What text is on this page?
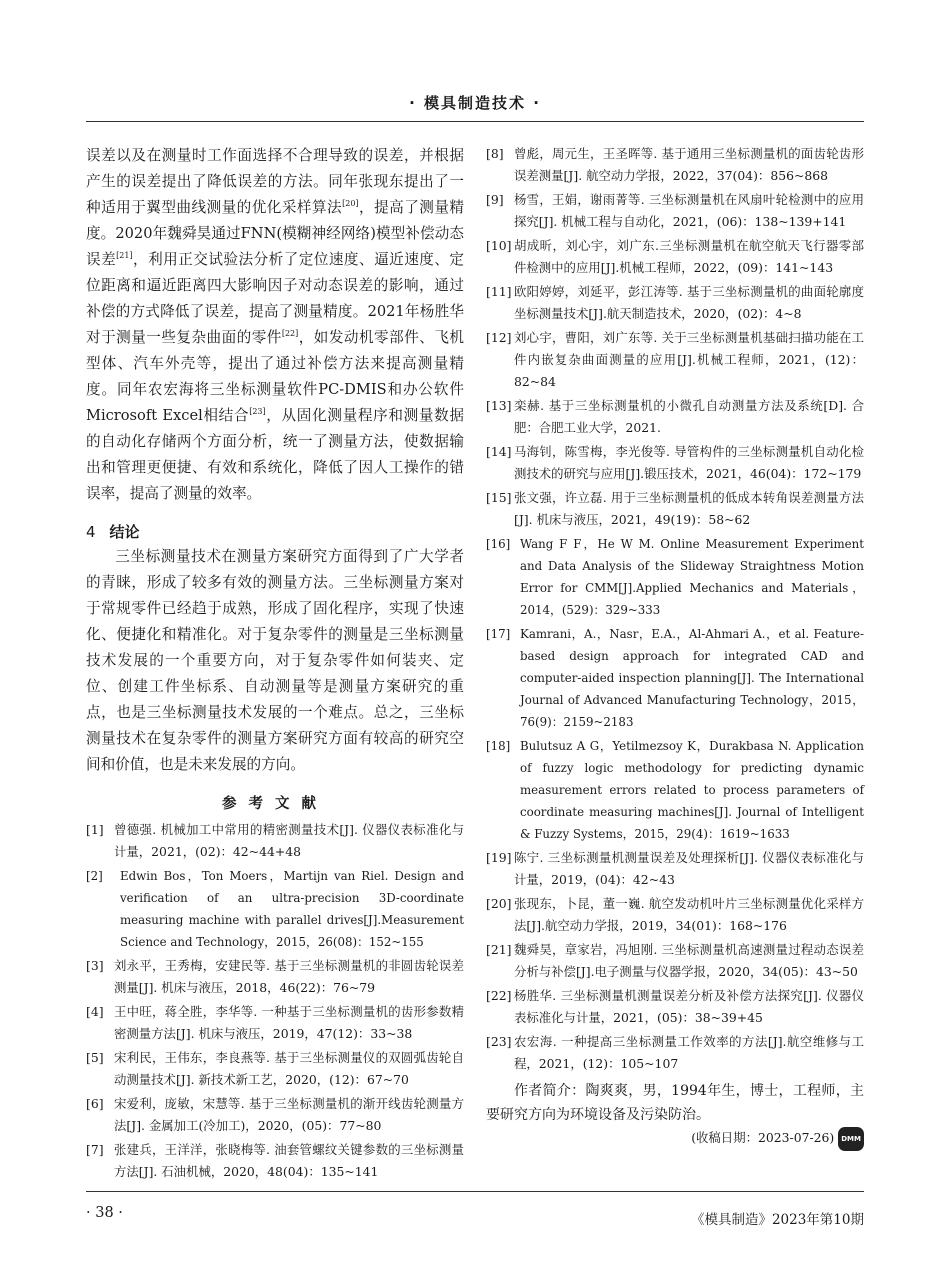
· 模具制造技术 ·

误差以及在测量时工作面选择不合理导致的误差，并根据产生的误差提出了降低误差的方法。同年张现东提出了一种适用于翼型曲线测量的优化采样算法[20]，提高了测量精度。2020年魏舜昊通过FNN(模糊神经网络)模型补偿动态误差[21]，利用正交试验法分析了定位速度、逼近速度、定位距离和逼近距离四大影响因子对动态误差的影响，通过补偿的方式降低了误差，提高了测量精度。2021年杨胜华对于测量一些复杂曲面的零件[22]，如发动机零部件、飞机型体、汽车外壳等，提出了通过补偿方法来提高测量精度。同年农宏海将三坐标测量软件PC-DMIS和办公软件Microsoft Excel相结合[23]，从固化测量程序和测量数据的自动化存储两个方面分析，统一了测量方法，使数据输出和管理更便捷、有效和系统化，降低了因人工操作的错误率，提高了测量的效率。

4 结论

三坐标测量技术在测量方案研究方面得到了广大学者的青睐，形成了较多有效的测量方法。三坐标测量方案对于常规零件已经趋于成熟，形成了固化程序，实现了快速化、便捷化和精准化。对于复杂零件的测量是三坐标测量技术发展的一个重要方向，对于复杂零件如何装夹、定位、创建工件坐标系、自动测量等是测量方案研究的重点，也是三坐标测量技术发展的一个难点。总之，三坐标测量技术在复杂零件的测量方案研究方面有较高的研究空间和价值，也是未来发展的方向。

参考文献
[1] 曾德强. 机械加工中常用的精密测量技术[J]. 仪器仪表标准化与计量，2021，(02)：42~44+48
[2] Edwin Bos，Ton Moers，Martijn van Riel. Design and verification of an ultra-precision 3D-coordinate measuring machine with parallel drives[J].Measurement Science and Technology，2015，26(08)：152~155
[3] 刘永平，王秀梅，安建民等. 基于三坐标测量机的非圆齿轮误差测量[J]. 机床与液压，2018，46(22)：76~79
[4] 王中旺，蒋全胜，李华等. 一种基于三坐标测量机的齿形参数精密测量方法[J]. 机床与液压，2019，47(12)：33~38
[5] 宋利民，王伟东，李良燕等. 基于三坐标测量仪的双圆弧齿轮自动测量技术[J]. 新技术新工艺，2020，(12)：67~70
[6] 宋爱利，庞敏，宋慧等. 基于三坐标测量机的渐开线齿轮测量方法[J]. 金属加工(冷加工)，2020，(05)：77~80
[7] 张建兵，王洋洋，张晓梅等. 油套管螺纹关键参数的三坐标测量方法[J]. 石油机械，2020，48(04)：135~141
[8] 曾彪，周元生，王圣晖等. 基于通用三坐标测量机的面齿轮齿形误差测量[J]. 航空动力学报，2022，37(04)：856~868
[9] 杨雪，王娟，谢雨菁等. 三坐标测量机在风扇叶轮检测中的应用探究[J]. 机械工程与自动化，2021，(06)：138~139+141
[10] 胡成昕，刘心宇，刘广东.三坐标测量机在航空航天飞行器零部件检测中的应用[J].机械工程师，2022，(09)：141~143
[11] 欧阳婷婷，刘延平，彭江涛等. 基于三坐标测量机的曲面轮廓度坐标测量技术[J].航天制造技术，2020，(02)：4~8
[12] 刘心宇，曹阳，刘广东等. 关于三坐标测量机基础扫描功能在工件内嵌复杂曲面测量的应用[J].机械工程师，2021，(12)：82~84
[13] 栾赫. 基于三坐标测量机的小微孔自动测量方法及系统[D]. 合肥：合肥工业大学，2021.
[14] 马海钊，陈雪梅，李光俊等. 导管构件的三坐标测量机自动化检测技术的研究与应用[J].锻压技术，2021，46(04)：172~179
[15] 张文强，许立磊. 用于三坐标测量机的低成本转角误差测量方法[J]. 机床与液压，2021，49(19)：58~62
[16] Wang F F，He W M. Online Measurement Experiment and Data Analysis of the Slideway Straightness Motion Error for CMM[J].Applied Mechanics and Materials，2014，(529)：329~333
[17] Kamrani，A.，Nasr，E.A.，Al-Ahmari A.，et al. Feature-based design approach for integrated CAD and computer-aided inspection planning[J]. The International Journal of Advanced Manufacturing Technology，2015，76(9)：2159~2183
[18] Bulutsuz A G，Yetilmezsoy K，Durakbasa N. Application of fuzzy logic methodology for predicting dynamic measurement errors related to process parameters of coordinate measuring machines[J]. Journal of Intelligent & Fuzzy Systems，2015，29(4)：1619~1633
[19] 陈宁. 三坐标测量机测量误差及处理探析[J]. 仪器仪表标准化与计量，2019，(04)：42~43
[20] 张现东，卜昆，董一巍. 航空发动机叶片三坐标测量优化采样方法[J].航空动力学报，2019，34(01)：168~176
[21] 魏舜昊，章家岩，冯旭刚. 三坐标测量机高速测量过程动态误差分析与补偿[J].电子测量与仪器学报，2020，34(05)：43~50
[22] 杨胜华. 三坐标测量机测量误差分析及补偿方法探究[J]. 仪器仪表标准化与计量，2021，(05)：38~39+45
[23] 农宏海. 一种提高三坐标测量工作效率的方法[J].航空维修与工程，2021，(12)：105~107
作者简介：陶爽爽，男，1994年生，博士，工程师，主要研究方向为环境设备及污染防治。
(收稿日期：2023-07-26) DMM
· 38 ·	《模具制造》2023年第10期
